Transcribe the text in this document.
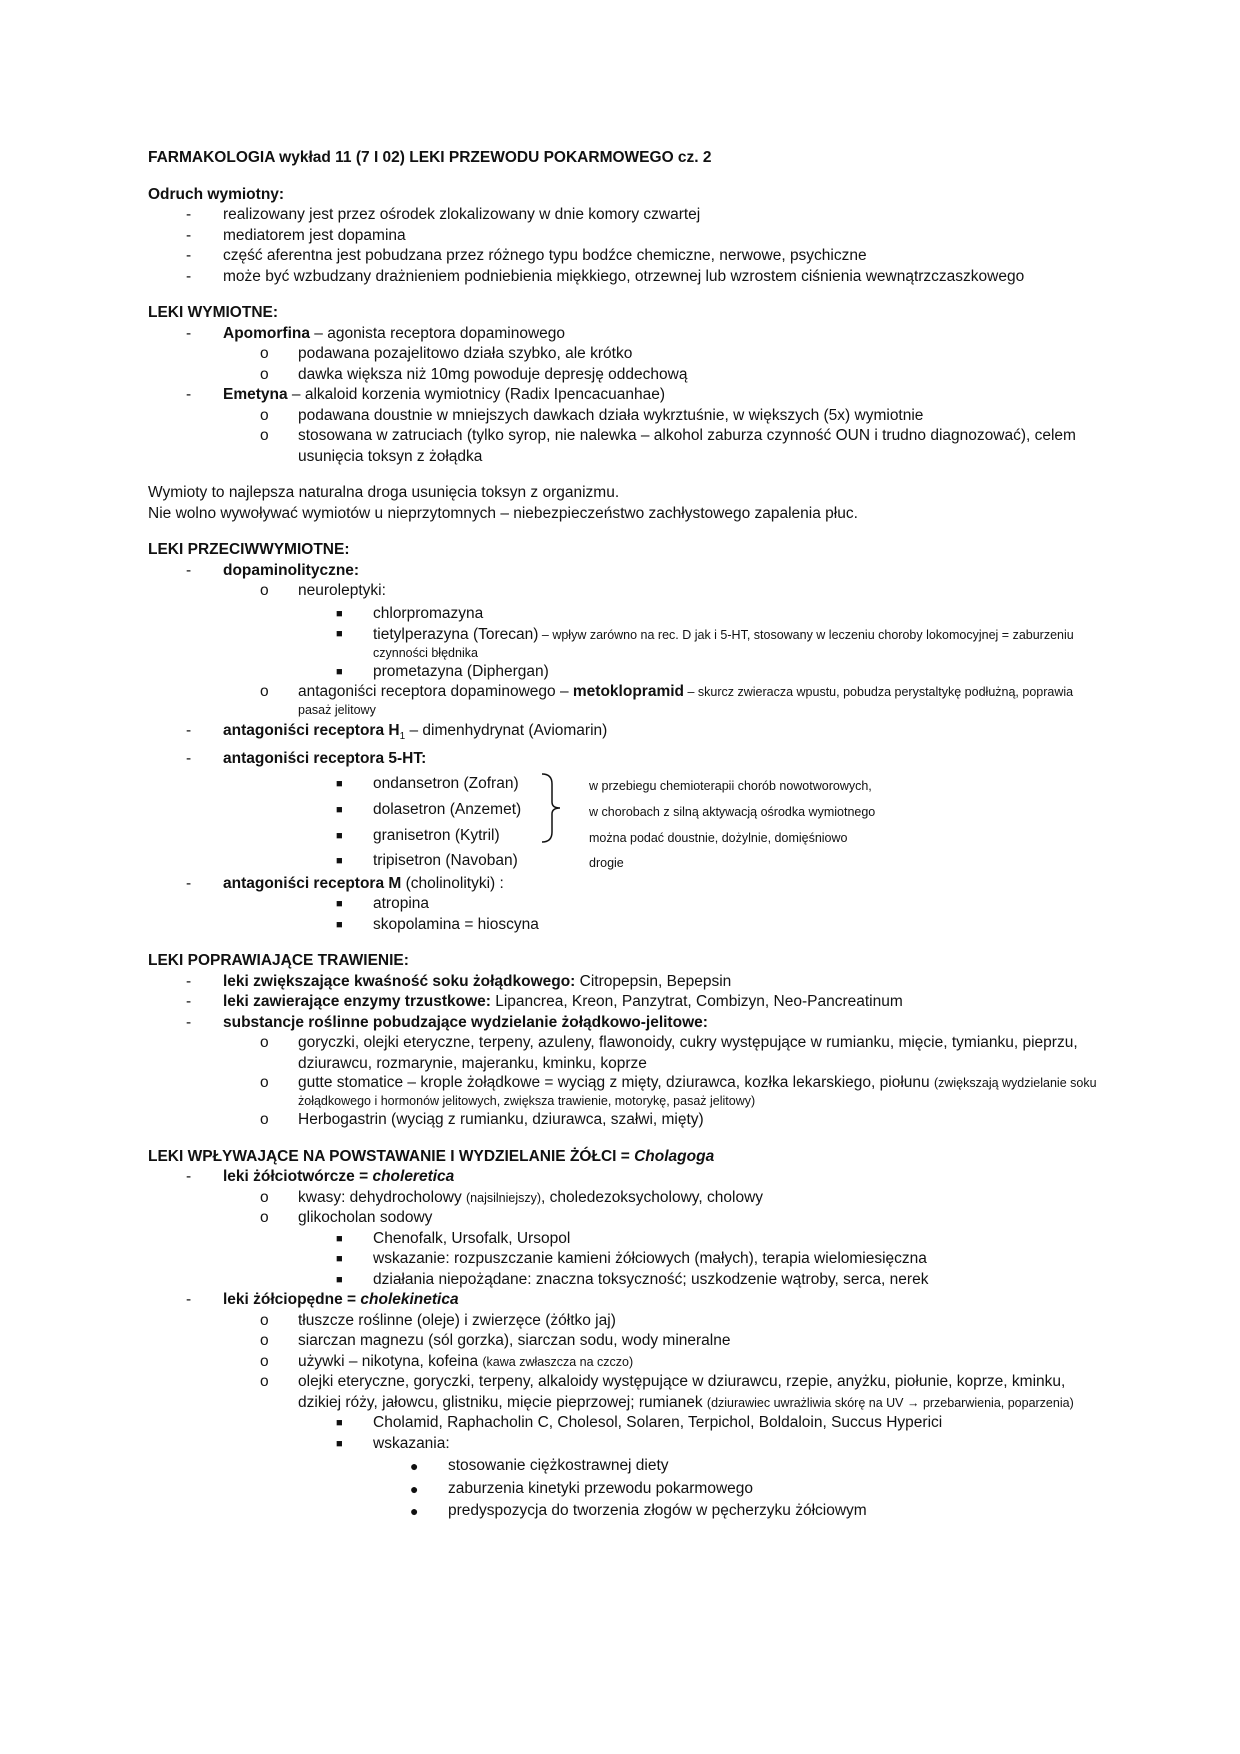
FARMAKOLOGIA wykład 11 (7 I 02) LEKI PRZEWODU POKARMOWEGO cz. 2

Odruch wymiotny:

- realizowany jest przez ośrodek zlokalizowany w dnie komory czwartej
- mediatorem jest dopamina
- część aferentna jest pobudzana przez różnego typu bodźce chemiczne, nerwowe, psychiczne
- może być wzbudzany drażnieniem podniebienia miękkiego, otrzewnej lub wzrostem ciśnienia wewnątrzczaszkowego

LEKI WYMIOTNE:

- Apomorfina – agonista receptora dopaminowego
o podawana pozajelitowo działa szybko, ale krótko
o dawka większa niż 10mg powoduje depresję oddechową
- Emetyna – alkaloid korzenia wymiotnicy (Radix Ipencacuanhae)
o podawana doustnie w mniejszych dawkach działa wykrztuśnie, w większych (5x) wymiotnie
o stosowana w zatruciach (tylko syrop, nie nalewka – alkohol zaburza czynność OUN i trudno diagnozować), celem usunięcia toksyn z żołądka

Wymioty to najlepsza naturalna droga usunięcia toksyn z organizmu.

Nie wolno wywoływać wymiotów u nieprzytomnych – niebezpieczeństwo zachłystowego zapalenia płuc.

LEKI PRZECIWWYMIOTNE:

- dopaminolityczne:
o neuroleptyki:
■ chlorpromazyna
■ tietylperazyna (Torecan) – wpływ zarówno na rec. D jak i 5-HT, stosowany w leczeniu choroby lokomocyjnej = zaburzeniu czynności błędnika
■ prometazyna (Diphergan)
o antagoniści receptora dopaminowego – metoklopramid – skurcz zwieracza wpustu, pobudza perystaltykę podłużną, poprawia pasaż jelitowy
- antagoniści receptora $H_1$ – dimenhydrynat (Aviomarin)
- antagoniści receptora 5-HT:
■ ondansetron (Zofran)
■ dolasetron (Anzemet)
■ granisetron (Kytril)
■ tripisetron (Navoban)
w przebiegu chemioterapii chorób nowotworowych,
w chorobach z silną aktywacją ośrodka wymiotnego
można podać doustnie, dożylnie, domięśniowo
drogie
- antagoniści receptora M (cholinolityki) :
■ atropina
■ skopolamina = hioscyna

LEKI POPRAWIAJĄCE TRAWIENIE:

- leki zwiększające kwaśność soku żołądkowego: Citropepsin, Bepepsin
- leki zawierające enzymy trzustkowe: Lipancrea, Kreon, Panzytrat, Combizyn, Neo-Pancreatinum
- substancje roślinne pobudzające wydzielanie żołądkowo-jelitowe:
o goryczki, olejki eteryczne, terpeny, azuleny, flawonoidy, cukry występujące w rumianku, mięcie, tymianku, pieprzu, dziurawcu, rozmarynie, majeranku, kminku, koprze
o gutte stomatice – krople żołądkowe = wyciąg z mięty, dziurawca, kozłka lekarskiego, piołunu (zwiększają wydzielanie soku żołądkowego i hormonów jelitowych, zwiększa trawienie, motorykę, pasaż jelitowy)
o Herbogastrin (wyciąg z rumianku, dziurawca, szałwi, mięty)

LEKI WPŁYWAJĄCE NA POWSTAWANIE I WYDZIELANIE ŻÓŁCI = Cholagoga

- leki żółciotwórcze = choleretica
o kwasy: dehydrocholowy (najsilniejszy), chol​edezoksycholowy, cholowy
o glikocholan sodowy
■ Chenofalk, Ursofalk, Ursopol
■ wskazanie: rozpuszczanie kamieni żółciowych (małych), terapia wielomiesięczna
■ działania niepożądane: znaczna toksyczność; uszkodzenie wątroby, serca, nerek
- leki żółciopędne = cholekinetica
o tłuszcze roślinne (oleje) i zwierzęce (żółtko jaj)
o siarczan magnezu (sól gorzka), siarczan sodu, wody mineralne
o używki – nikotyna, kofeina (kawa zwłaszcza na czczo)
o olejki eteryczne, goryczki, terpeny, alkaloidy występujące w dziurawcu, rzepie, anyżku, piołunie, koprze, kminku, dzikiej róży, jałowcu, glistniku, mięcie pieprzowej; rumianek (dziurawiec uwrażliwia skórę na UV → przebarwienia, poparzenia)
■ Cholamid, Raphacholin C, Cholesol, Solaren, Terpichol, Boldaloin, Succus Hyperici
■ wskazania:
● stosowanie ciężkostrawnej diety
● zaburzenia kinetyki przewodu pokarmowego
● predyspozycja do tworzenia złogów w pęcherzyku żółciowym
